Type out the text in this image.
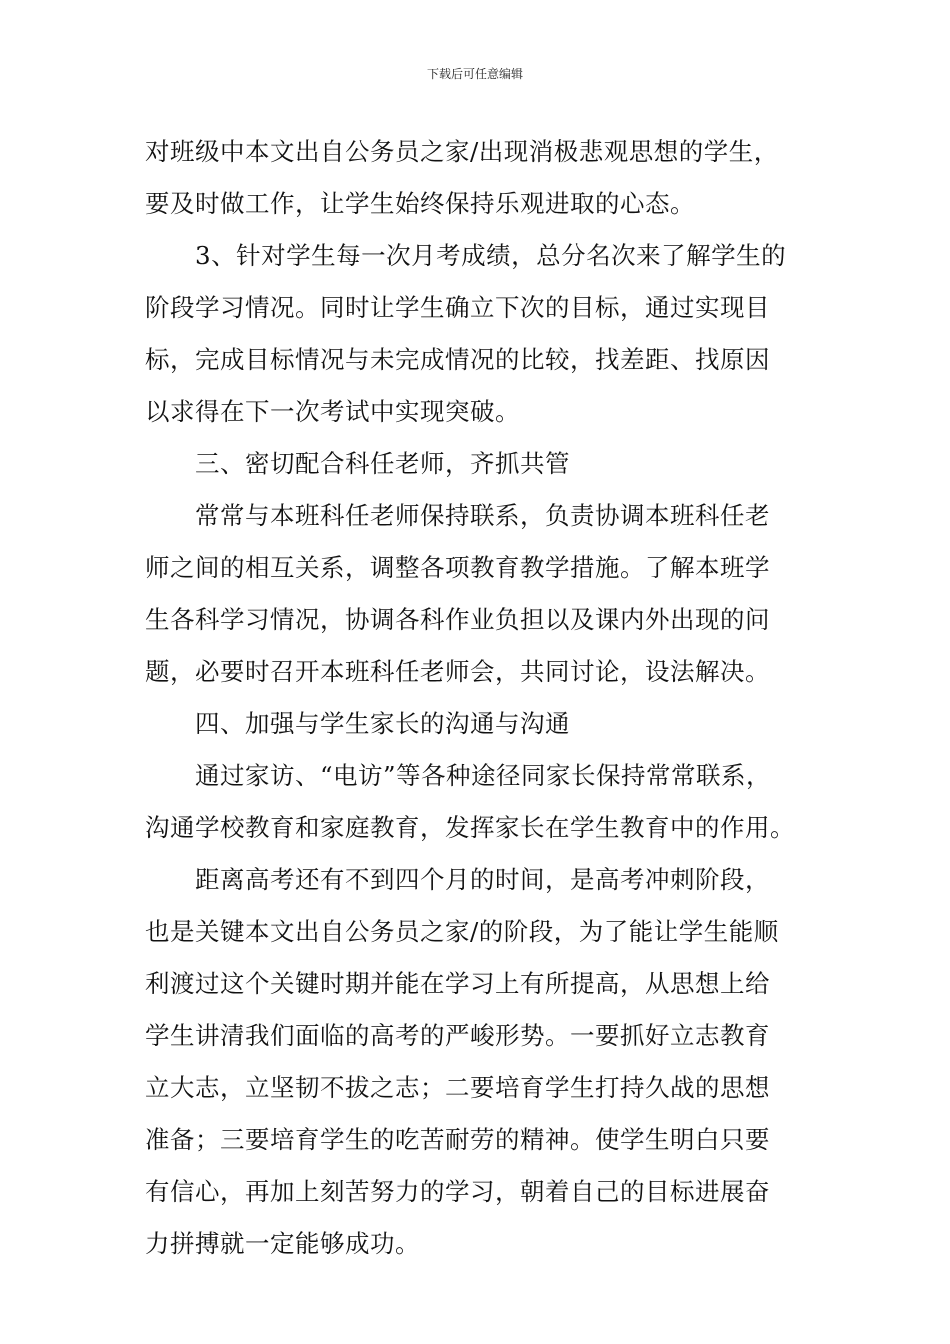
下载后可任意编辑
对班级中本文出自公务员之家/出现消极悲观思想的学生，
要及时做工作，让学生始终保持乐观进取的心态。
3、针对学生每一次月考成绩，总分名次来了解学生的
阶段学习情况。同时让学生确立下次的目标，通过实现目
标，完成目标情况与未完成情况的比较，找差距、找原因
以求得在下一次考试中实现突破。
三、密切配合科任老师，齐抓共管
常常与本班科任老师保持联系，负责协调本班科任老
师之间的相互关系，调整各项教育教学措施。了解本班学
生各科学习情况，协调各科作业负担以及课内外出现的问
题，必要时召开本班科任老师会，共同讨论，设法解决。
四、加强与学生家长的沟通与沟通
通过家访、“电访”等各种途径同家长保持常常联系，
沟通学校教育和家庭教育，发挥家长在学生教育中的作用。
距离高考还有不到四个月的时间，是高考冲刺阶段，
也是关键本文出自公务员之家/的阶段，为了能让学生能顺
利渡过这个关键时期并能在学习上有所提高，从思想上给
学生讲清我们面临的高考的严峻形势。一要抓好立志教育
立大志，立坚韧不拔之志；二要培育学生打持久战的思想
准备；三要培育学生的吃苦耐劳的精神。使学生明白只要
有信心，再加上刻苦努力的学习，朝着自己的目标进展奋
力拼搏就一定能够成功。
